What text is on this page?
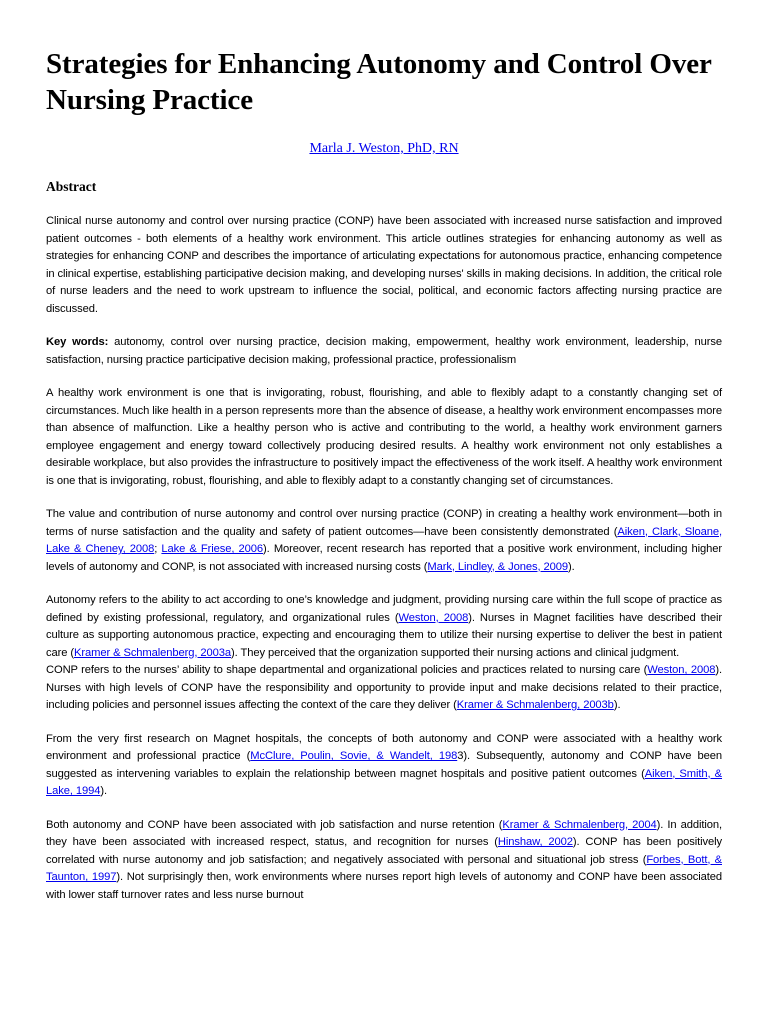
Strategies for Enhancing Autonomy and Control Over Nursing Practice
Marla J. Weston, PhD, RN
Abstract

Clinical nurse autonomy and control over nursing practice (CONP) have been associated with increased nurse satisfaction and improved patient outcomes - both elements of a healthy work environment. This article outlines strategies for enhancing autonomy as well as strategies for enhancing CONP and describes the importance of articulating expectations for autonomous practice, enhancing competence in clinical expertise, establishing participative decision making, and developing nurses' skills in making decisions. In addition, the critical role of nurse leaders and the need to work upstream to influence the social, political, and economic factors affecting nursing practice are discussed.

Key words: autonomy, control over nursing practice, decision making, empowerment, healthy work environment, leadership, nurse satisfaction, nursing practice participative decision making, professional practice, professionalism

A healthy work environment is one that is invigorating, robust, flourishing, and able to flexibly adapt to a constantly changing set of circumstances. Much like health in a person represents more than the absence of disease, a healthy work environment encompasses more than absence of malfunction. Like a healthy person who is active and contributing to the world, a healthy work environment garners employee engagement and energy toward collectively producing desired results. A healthy work environment not only establishes a desirable workplace, but also provides the infrastructure to positively impact the effectiveness of the work itself. A healthy work environment is one that is invigorating, robust, flourishing, and able to flexibly adapt to a constantly changing set of circumstances.

The value and contribution of nurse autonomy and control over nursing practice (CONP) in creating a healthy work environment—both in terms of nurse satisfaction and the quality and safety of patient outcomes—have been consistently demonstrated (Aiken, Clark, Sloane, Lake & Cheney, 2008; Lake & Friese, 2006). Moreover, recent research has reported that a positive work environment, including higher levels of autonomy and CONP, is not associated with increased nursing costs (Mark, Lindley, & Jones, 2009).

Autonomy refers to the ability to act according to one’s knowledge and judgment, providing nursing care within the full scope of practice as defined by existing professional, regulatory, and organizational rules (Weston, 2008). Nurses in Magnet facilities have described their culture as supporting autonomous practice, expecting and encouraging them to utilize their nursing expertise to deliver the best in patient care (Kramer & Schmalenberg, 2003a). They perceived that the organization supported their nursing actions and clinical judgment.

CONP refers to the nurses’ ability to shape departmental and organizational policies and practices related to nursing care (Weston, 2008). Nurses with high levels of CONP have the responsibility and opportunity to provide input and make decisions related to their practice, including policies and personnel issues affecting the context of the care they deliver (Kramer & Schmalenberg, 2003b).

From the very first research on Magnet hospitals, the concepts of both autonomy and CONP were associated with a healthy work environment and professional practice (McClure, Poulin, Sovie, & Wandelt, 1983). Subsequently, autonomy and CONP have been suggested as intervening variables to explain the relationship between magnet hospitals and positive patient outcomes (Aiken, Smith, & Lake, 1994).

Both autonomy and CONP have been associated with job satisfaction and nurse retention (Kramer & Schmalenberg, 2004). In addition, they have been associated with increased respect, status, and recognition for nurses (Hinshaw, 2002). CONP has been positively correlated with nurse autonomy and job satisfaction; and negatively associated with personal and situational job stress (Forbes, Bott, & Taunton, 1997). Not surprisingly then, work environments where nurses report high levels of autonomy and CONP have been associated with lower staff turnover rates and less nurse burnout
